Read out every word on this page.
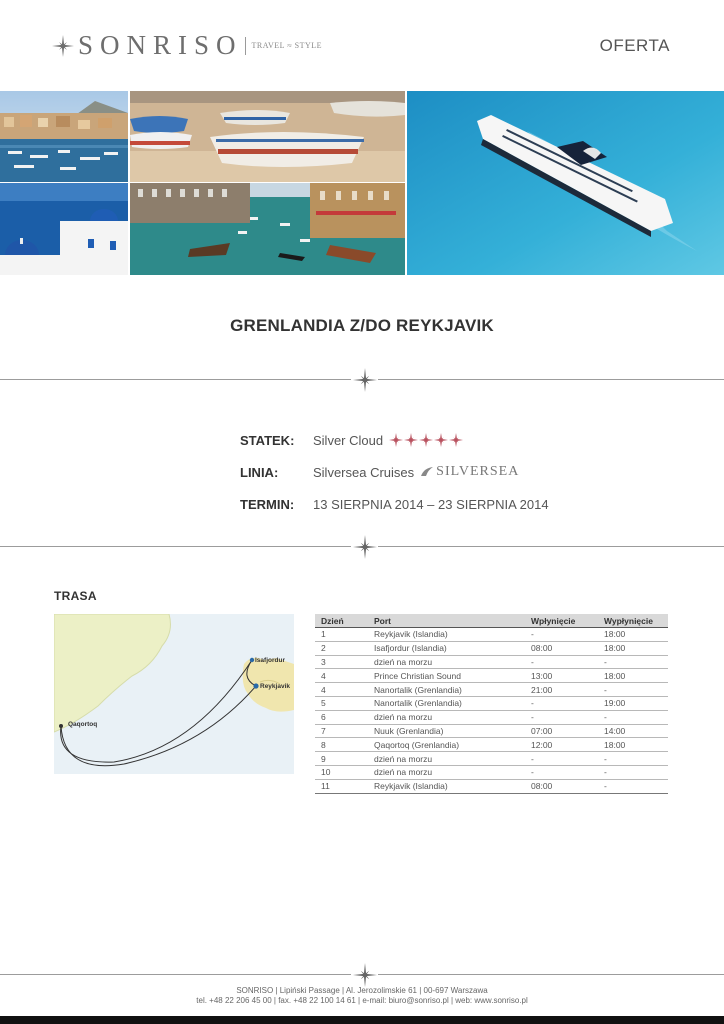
SONRISO TRAVEL ≈ STYLE	OFERTA
GRENLANDIA Z/DO REYKJAVIK
STATEK:	Silver Cloud
LINIA:	Silversea Cruises SILVERSEA
TERMIN:	13 SIERPNIA 2014 – 23 SIERPNIA 2014
TRASA
Isafjordur
Reykjavik
Qaqortoq
Dzień	Port	Wpłynięcie	Wypłynięcie
1	Reykjavik (Islandia)	-	18:00
2	Isafjordur (Islandia)	08:00	18:00
3	dzień na morzu	-	-
4	Prince Christian Sound	13:00	18:00
4	Nanortalik (Grenlandia)	21:00	-
5	Nanortalik (Grenlandia)	-	19:00
6	dzień na morzu	-	-
7	Nuuk (Grenlandia)	07:00	14:00
8	Qaqortoq (Grenlandia)	12:00	18:00
9	dzień na morzu	-	-
10	dzień na morzu	-	-
11	Reykjavik (Islandia)	08:00	-
SONRISO | Lipiński Passage | Al. Jerozolimskie 61 | 00-697 Warszawa
tel. +48 22 206 45 00 | fax. +48 22 100 14 61 | e-mail: biuro@sonriso.pl | web: www.sonriso.pl
